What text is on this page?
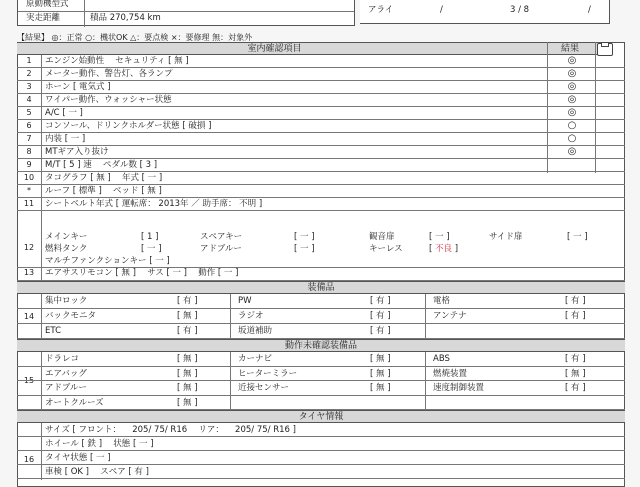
原動機型式
実走距離	積品 270,754 km
アライ	/	3 / 8	/
【結果】 ◎：正常 ○：機状OK △：要点検 ×：要修理 無：対象外
室内確認項目	結果
1	エンジン始動性 　セキュリティ [ 無 ]	◎
2	メーター動作、警告灯、各ランプ	◎
3	ホーン [ 電気式 ]	◎
4	ワイパー動作、ウォッシャー状態	◎
5	A/C [ 一 ]	◎
6	コンソール、ドリンクホルダー状態 [ 破損 ]	○
7	内装 [ 一 ]	○
8	MTギア入り抜け	◎
9	M/T [ 5 ] 速 　ペダル数 [ 3 ]
10	タコグラフ [ 無 ] 　年式 [ 一 ]
*	ルーフ [ 標準 ] 　ベッド [ 無 ]
11	シートベルト年式 [ 運転席： 2013年 ／ 助手席： 不明 ]
12
メインキー	[ 1 ]	スペアキー	[ 一 ]	観音扉	[ 一 ]	サイド扉	[ 一 ]
燃料タンク	[ 一 ]	アドブルー	[ 一 ]	キーレス	[ 不良 ]
マルチファンクションキー [ 一 ]
13	エアサスリモコン [ 無 ] 　サス [ 一 ] 　動作 [ 一 ]
装備品
14
集中ロック	[ 有 ]	PW	[ 有 ]	電格	[ 有 ]
バックモニタ	[ 無 ]	ラジオ	[ 有 ]	アンテナ	[ 有 ]
ETC	[ 有 ]	坂道補助	[ 有 ]
動作未確認装備品
15
ドラレコ	[ 無 ]	カーナビ	[ 無 ]	ABS	[ 有 ]
エアバッグ	[ 無 ]	ヒーターミラー	[ 無 ]	燃焼装置	[ 無 ]
アドブルー	[ 無 ]	近接センサー	[ 無 ]	速度制御装置	[ 有 ]
オートクルーズ	[ 無 ]
タイヤ情報
16
サイズ [ フロント： 　205/ 75/ R16 　リア： 　205/ 75/ R16 ]
ホイール [ 鉄 ] 　状態 [ 一 ]
タイヤ状態 [ 一 ]
車検 [ OK ] 　スペア [ 有 ]
